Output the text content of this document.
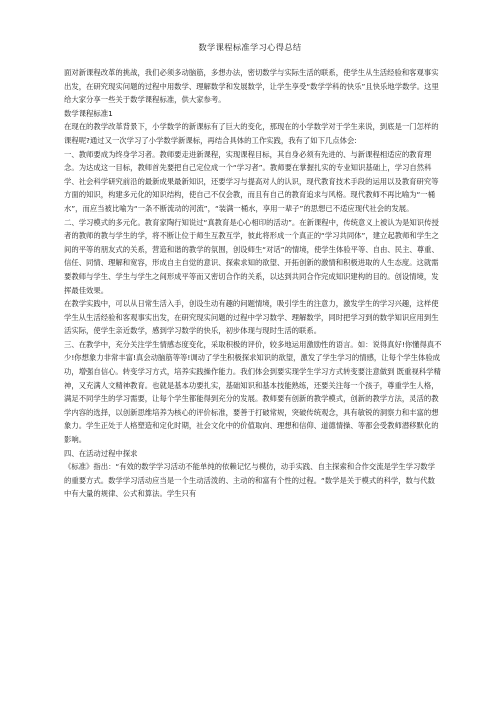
数学课程标准学习心得总结

面对新课程改革的挑战，我们必须多动脑筋，多想办法，密切数学与实际生活的联系，使学生从生活经验和客观事实出发，在研究现实问题的过程中用数学、理解数学和发展数学，让学生享受“数学学科的快乐”且快乐地学数学。这里给大家分享一些关于数学课程标准，供大家参考。

数学课程标准1

在现在的教学改革背景下，小学数学的新课标有了巨大的变化，那现在的小学数学对于学生来说，到底是一门怎样的课程呢?通过又一次学习了小学数学新课标，再结合具体的工作实践，我有了如下几点体会:

一、教师要成为终身学习者。教师要走进新课程，实现课程目标，其自身必须有先进的、与新课程相适应的教育理念。为达成这一目标，教师首先要把自己定位成一个“学习者”。教师要在掌握扎实的专业知识基础上，学习自然科学、社会科学研究前沿的最新成果最新知识，还要学习与提高对人的认识，现代教育技术手段的运用以及教育研究等方面的知识，构建多元化的知识结构，使自己不仅会教，而且有自己的教育追求与风格。现代教师不再比喻为“一桶水”，而应当被比喻为“一条不断流动的河流”，“装满一桶水，享用一辈子”的思想已不适应现代社会的发展。

二、学习模式的多元化。教育家陶行知说过“真教育是心心相印的活动”。在新课程中，传统意义上被认为是知识传授者的教师的教与学生的学，将不断让位于师生互教互学，彼此将形成一个真正的“学习共同体”，建立起教师和学生之间的平等的朋友式的关系，营造和谐的教学的氛围，创设师生“对话”的情境，使学生体验平等、自由、民主、尊重、信任、同情、理解和宽容，形成自主自觉的意识、探索求知的欲望、开拓创新的激情和积极进取的人生态度。这就需要教师与学生、学生与学生之间形成平等而又密切合作的关系，以达到共同合作完成知识建构的目的。创设情境，发挥最佳效果。

在教学实践中，可以从日常生活入手，创设生动有趣的问题情境，吸引学生的注意力，激发学生的学习兴趣，这样使学生从生活经验和客观事实出发，在研究现实问题的过程中学习数学、理解数学，同时把学习到的数学知识应用到生活实际，使学生亲近数学，感到学习数学的快乐，初步体现与现时生活的联系。

三、在教学中，充分关注学生情感态度变化，采取积极的评价，较多地运用激励性的语言。如：说得真好!你懂得真不少!你想象力非常丰富!真会动脑筋等等!调动了学生积极探求知识的欲望，激发了学生学习的情感，让每个学生体验成功，增强自信心。转变学习方式，培养实践操作能力。我们体会到要实现学生学习方式转变要注意做到 既重视科学精神，又充满人文精神教育。也就是基本功要扎实，基础知识和基本技能熟练，还要关注每一个孩子，尊重学生人格，满足不同学生的学习需要，让每个学生都能得到充分的发展。教师要有创新的教学模式，创新的教学方法，灵活的教学内容的选择，以创新思维培养为核心的评价标准，要善于打破常规，突破传统观念，具有敏锐的洞察力和丰富的想象力。学生正处于人格塑造和定化时期，社会文化中的价值取向、理想和信仰、道德情操、等都会受教师潜移默化的影响。

四、在活动过程中探求

《标准》指出：“有效的数学学习活动不能单纯的依赖记忆与模仿，动手实践、自主探索和合作交流是学生学习数学的重要方式。数学学习活动应当是一个生动活泼的、主动的和富有个性的过程。“数学是关于模式的科学，数与代数中有大量的规律、公式和算法。学生只有
